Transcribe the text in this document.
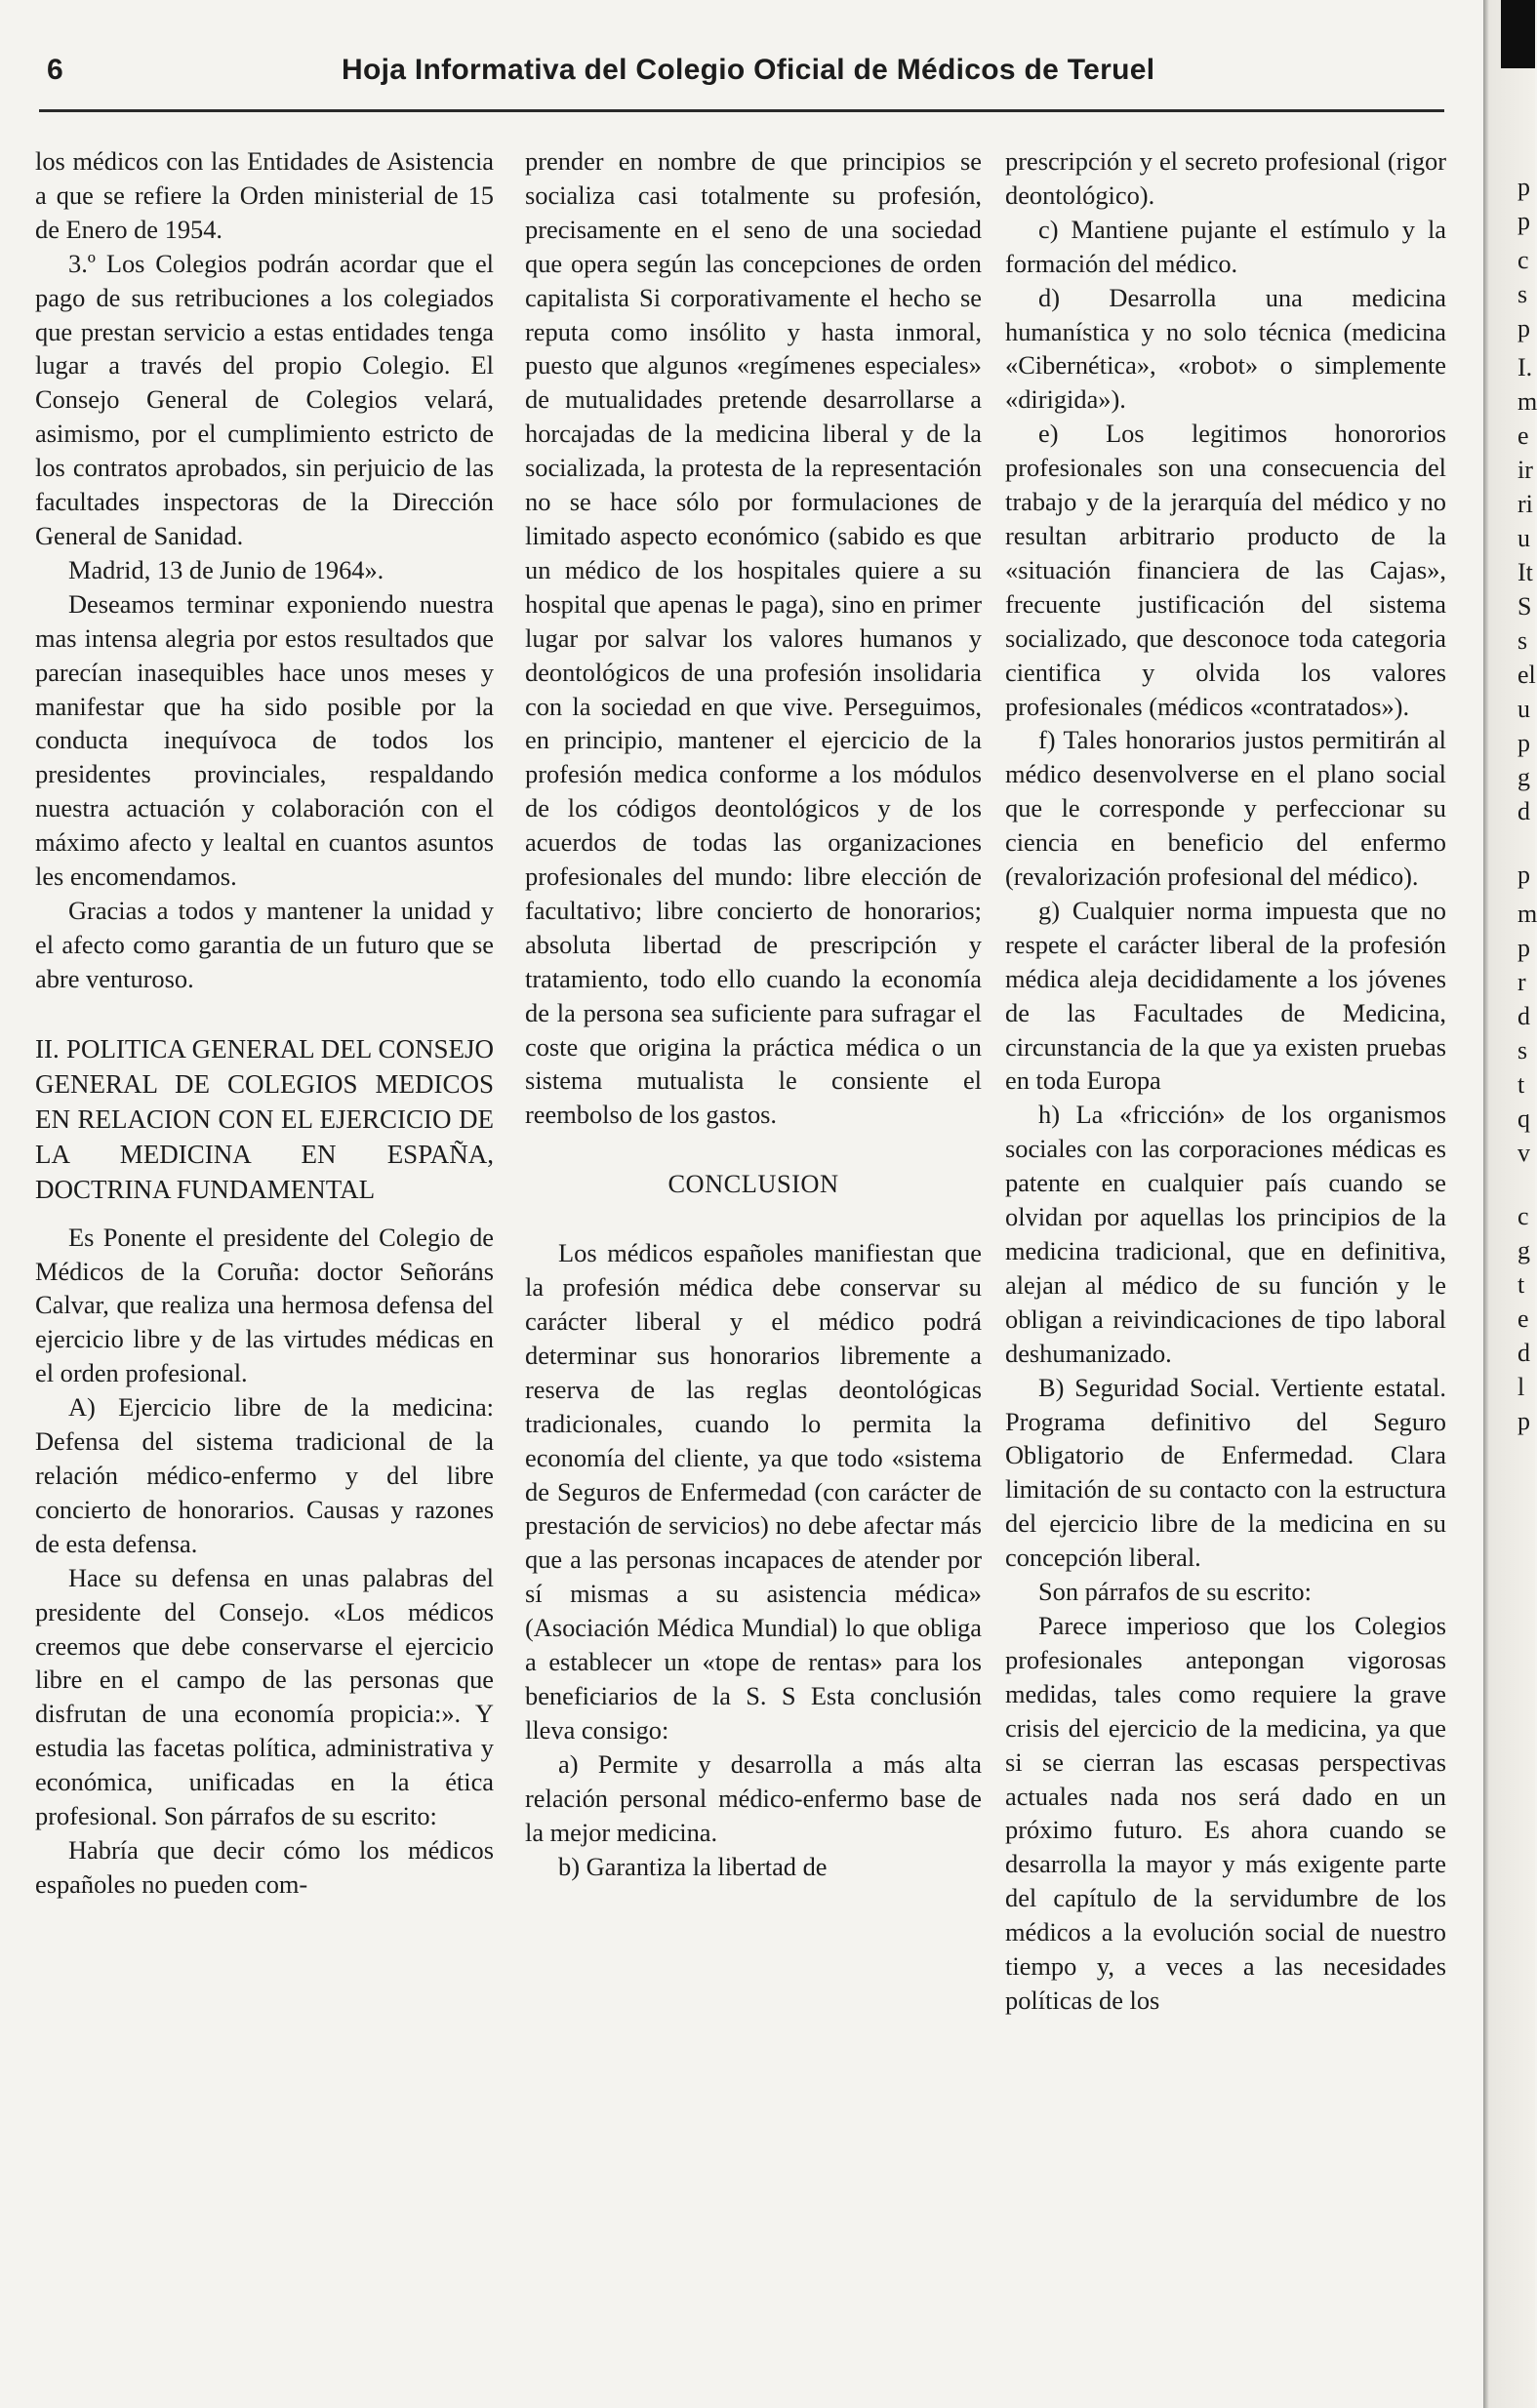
6	Hoja Informativa del Colegio Oficial de Médicos de Teruel

los médicos con las Entidades de Asistencia a que se refiere la Orden ministerial de 15 de Enero de 1954.

3.º Los Colegios podrán acordar que el pago de sus retribuciones a los colegiados que prestan servicio a estas entidades tenga lugar a través del propio Colegio. El Consejo General de Colegios velará, asimismo, por el cumplimiento estricto de los contratos aprobados, sin perjuicio de las facultades inspectoras de la Dirección General de Sanidad.

Madrid, 13 de Junio de 1964».

Deseamos terminar exponiendo nuestra mas intensa alegria por estos resultados que parecían inasequibles hace unos meses y manifestar que ha sido posible por la conducta inequívoca de todos los presidentes provinciales, respaldando nuestra actuación y colaboración con el máximo afecto y lealtal en cuantos asuntos les encomendamos.

Gracias a todos y mantener la unidad y el afecto como garantia de un futuro que se abre venturoso.

II. POLITICA GENERAL DEL CONSEJO GENERAL DE COLEGIOS MEDICOS EN RELACION CON EL EJERCICIO DE LA MEDICINA EN ESPAÑA, DOCTRINA FUNDAMENTAL

Es Ponente el presidente del Colegio de Médicos de la Coruña: doctor Señoráns Calvar, que realiza una hermosa defensa del ejercicio libre y de las virtudes médicas en el orden profesional.

A) Ejercicio libre de la medicina: Defensa del sistema tradicional de la relación médico-enfermo y del libre concierto de honorarios. Causas y razones de esta defensa.

Hace su defensa en unas palabras del presidente del Consejo. «Los médicos creemos que debe conservarse el ejercicio libre en el campo de las personas que disfrutan de una economía propicia:». Y estudia las facetas política, administrativa y económica, unificadas en la ética profesional. Son párrafos de su escrito:

Habría que decir cómo los médicos españoles no pueden com-

prender en nombre de que principios se socializa casi totalmente su profesión, precisamente en el seno de una sociedad que opera según las concepciones de orden capitalista Si corporativamente el hecho se reputa como insólito y hasta inmoral, puesto que algunos «regímenes especiales» de mutualidades pretende desarrollarse a horcajadas de la medicina liberal y de la socializada, la protesta de la representación no se hace sólo por formulaciones de limitado aspecto económico (sabido es que un médico de los hospitales quiere a su hospital que apenas le paga), sino en primer lugar por salvar los valores humanos y deontológicos de una profesión insolidaria con la sociedad en que vive. Perseguimos, en principio, mantener el ejercicio de la profesión medica conforme a los módulos de los códigos deontológicos y de los acuerdos de todas las organizaciones profesionales del mundo: libre elección de facultativo; libre concierto de honorarios; absoluta libertad de prescripción y tratamiento, todo ello cuando la economía de la persona sea suficiente para sufragar el coste que origina la práctica médica o un sistema mutualista le consiente el reembolso de los gastos.

CONCLUSION

Los médicos españoles manifiestan que la profesión médica debe conservar su carácter liberal y el médico podrá determinar sus honorarios libremente a reserva de las reglas deontológicas tradicionales, cuando lo permita la economía del cliente, ya que todo «sistema de Seguros de Enfermedad (con carácter de prestación de servicios) no debe afectar más que a las personas incapaces de atender por sí mismas a su asistencia médica» (Asociación Médica Mundial) lo que obliga a establecer un «tope de rentas» para los beneficiarios de la S. S Esta conclusión lleva consigo:

a) Permite y desarrolla a más alta relación personal médico-enfermo base de la mejor medicina.

b) Garantiza la libertad de

prescripción y el secreto profesional (rigor deontológico).

c) Mantiene pujante el estímulo y la formación del médico.

d) Desarrolla una medicina humanística y no solo técnica (medicina «Cibernética», «robot» o simplemente «dirigida»).

e) Los legitimos honororios profesionales son una consecuencia del trabajo y de la jerarquía del médico y no resultan arbitrario producto de la «situación financiera de las Cajas», frecuente justificación del sistema socializado, que desconoce toda categoria cientifica y olvida los valores profesionales (médicos «contratados»).

f) Tales honorarios justos permitirán al médico desenvolverse en el plano social que le corresponde y perfeccionar su ciencia en beneficio del enfermo (revalorización profesional del médico).

g) Cualquier norma impuesta que no respete el carácter liberal de la profesión médica aleja decididamente a los jóvenes de las Facultades de Medicina, circunstancia de la que ya existen pruebas en toda Europa

h) La «fricción» de los organismos sociales con las corporaciones médicas es patente en cualquier país cuando se olvidan por aquellas los principios de la medicina tradicional, que en definitiva, alejan al médico de su función y le obligan a reivindicaciones de tipo laboral deshumanizado.

B) Seguridad Social. Vertiente estatal. Programa definitivo del Seguro Obligatorio de Enfermedad. Clara limitación de su contacto con la estructura del ejercicio libre de la medicina en su concepción liberal.

Son párrafos de su escrito:

Parece imperioso que los Colegios profesionales antepongan vigorosas medidas, tales como requiere la grave crisis del ejercicio de la medicina, ya que si se cierran las escasas perspectivas actuales nada nos será dado en un próximo futuro. Es ahora cuando se desarrolla la mayor y más exigente parte del capítulo de la servidumbre de los médicos a la evolución social de nuestro tiempo y, a veces a las necesidades políticas de los

p
p
c
s
p
I.
m
e
ir
ri
u
It
S
s
el
u
p
g
d
p
m
p
r
d
s
t
q
v
c
g
t
e
d
l
p
